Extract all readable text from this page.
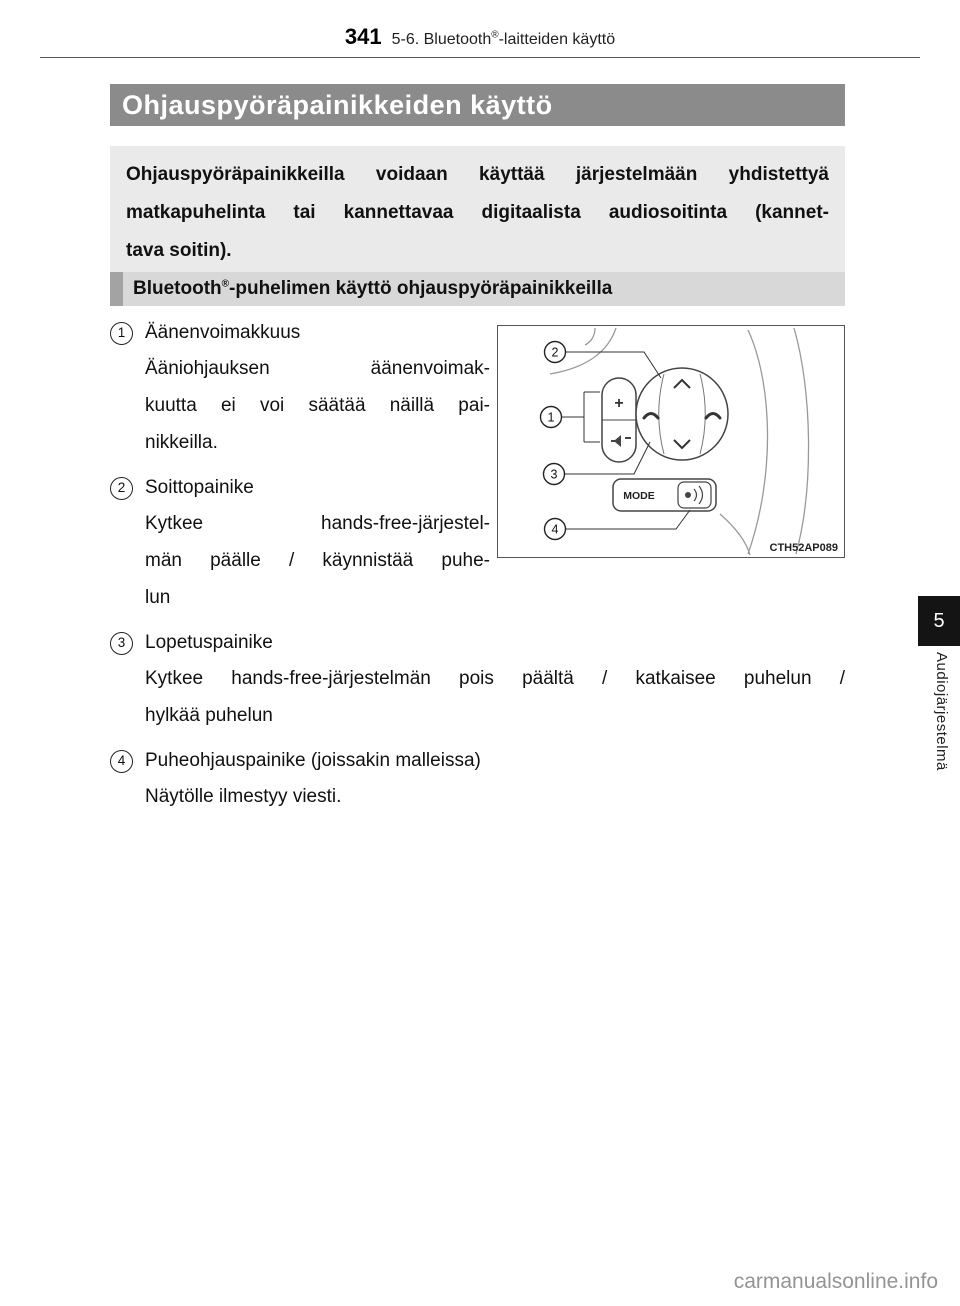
341 5-6. Bluetooth®-laitteiden käyttö
Ohjauspyöräpainikkeiden käyttö
Ohjauspyöräpainikkeilla voidaan käyttää järjestelmään yhdistettyä
matkapuhelinta tai kannettavaa digitaalista audiosoitinta (kannet-
tava soitin).
Bluetooth®-puhelimen käyttö ohjauspyöräpainikkeilla
1	Äänenvoimakkuus
Ääniohjauksen äänenvoimak-
kuutta ei voi säätää näillä pai-
nikkeilla.
2	Soittopainike
Kytkee hands-free-järjestel-
män päälle / käynnistää puhe-
lun
3	Lopetuspainike
Kytkee hands-free-järjestelmän pois päältä / katkaisee puhelun /
hylkää puhelun
4	Puheohjauspainike (joissakin malleissa)
Näytölle ilmestyy viesti.
+
MODE
2
1
3
4
CTH52AP089
5
Audiojärjestelmä
carmanualsonline.info
